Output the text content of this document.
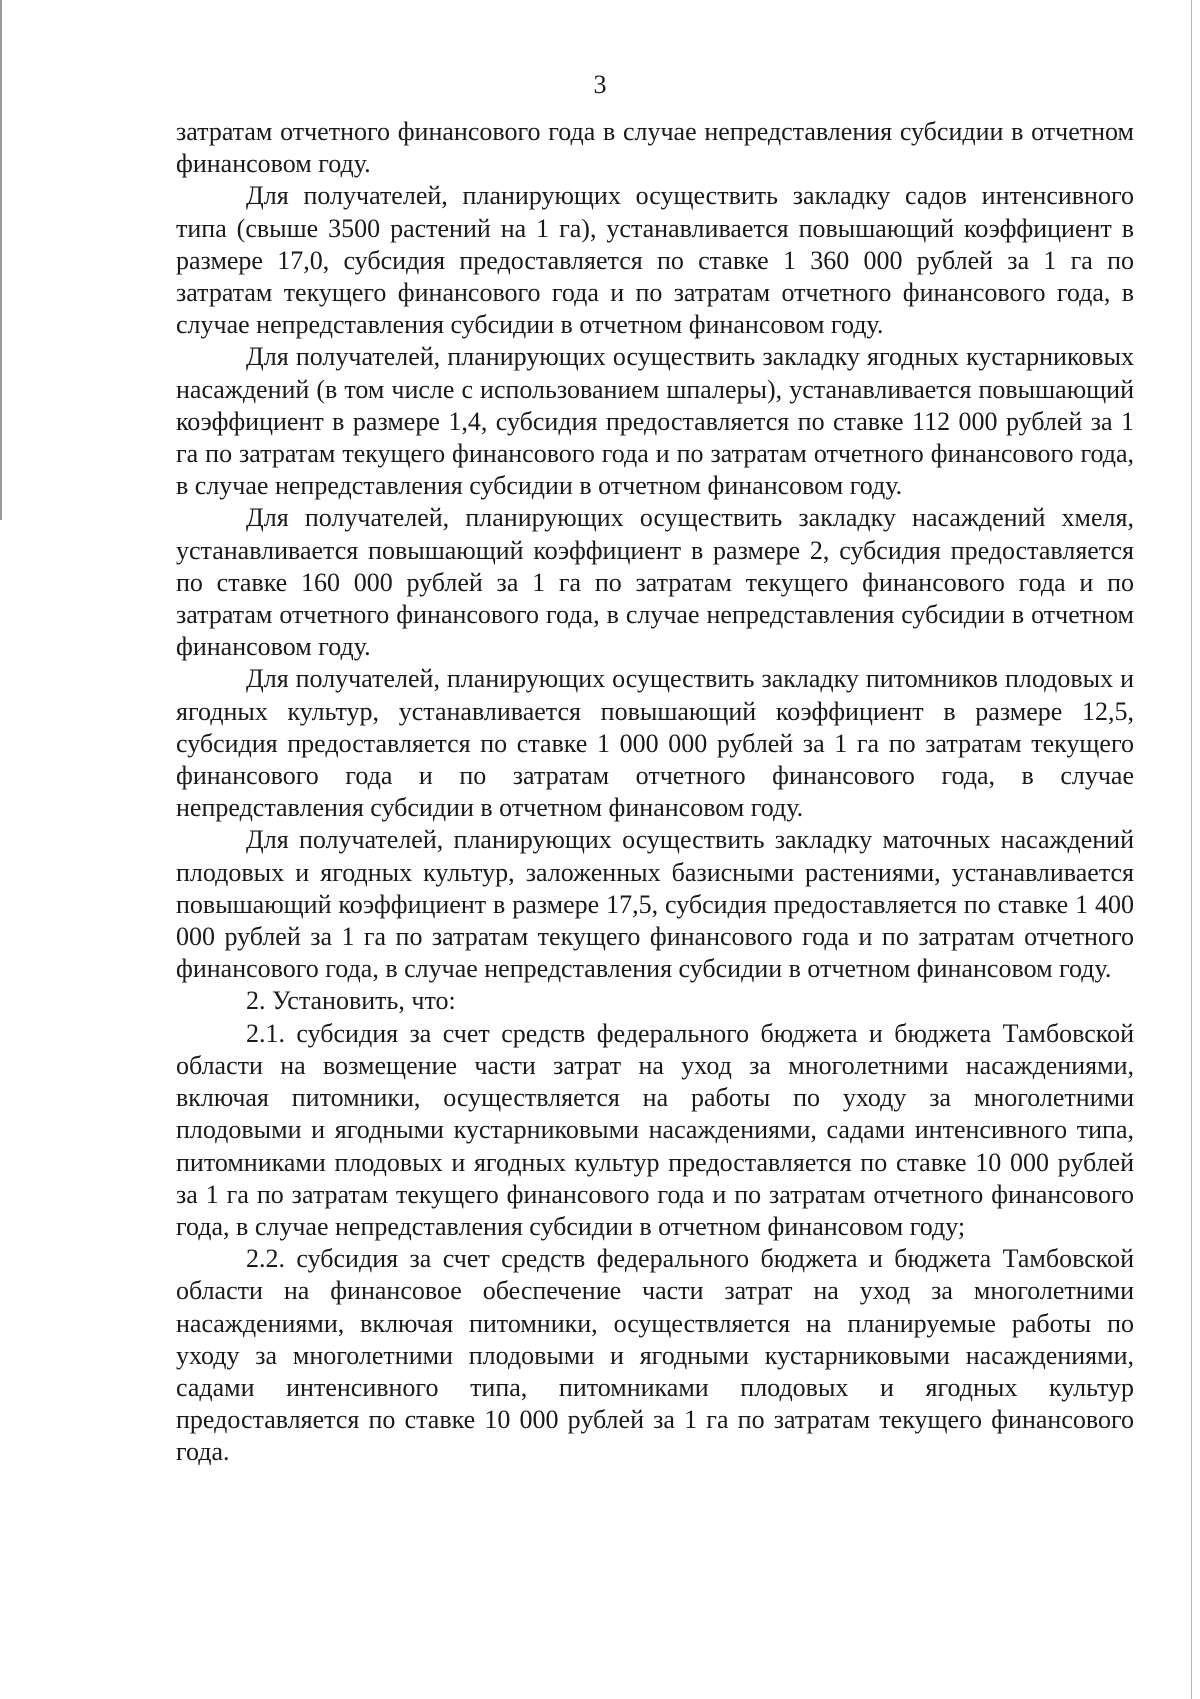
3

затратам отчетного финансового года в случае непредставления субсидии в отчетном финансовом году.

Для получателей, планирующих осуществить закладку садов интенсивного типа (свыше 3500 растений на 1 га), устанавливается повышающий коэффициент в размере 17,0, субсидия предоставляется по ставке 1 360 000 рублей за 1 га по затратам текущего финансового года и по затратам отчетного финансового года, в случае непредставления субсидии в отчетном финансовом году.

Для получателей, планирующих осуществить закладку ягодных кустарниковых насаждений (в том числе с использованием шпалеры), устанавливается повышающий коэффициент в размере 1,4, субсидия предоставляется по ставке 112 000 рублей за 1 га по затратам текущего финансового года и по затратам отчетного финансового года, в случае непредставления субсидии в отчетном финансовом году.

Для получателей, планирующих осуществить закладку насаждений хмеля, устанавливается повышающий коэффициент в размере 2, субсидия предоставляется по ставке 160 000 рублей за 1 га по затратам текущего финансового года и по затратам отчетного финансового года, в случае непредставления субсидии в отчетном финансовом году.

Для получателей, планирующих осуществить закладку питомников плодовых и ягодных культур, устанавливается повышающий коэффициент в размере 12,5, субсидия предоставляется по ставке 1 000 000 рублей за 1 га по затратам текущего финансового года и по затратам отчетного финансового года, в случае непредставления субсидии в отчетном финансовом году.

Для получателей, планирующих осуществить закладку маточных насаждений плодовых и ягодных культур, заложенных базисными растениями, устанавливается повышающий коэффициент в размере 17,5, субсидия предоставляется по ставке 1 400 000 рублей за 1 га по затратам текущего финансового года и по затратам отчетного финансового года, в случае непредставления субсидии в отчетном финансовом году.

2. Установить, что:

2.1. субсидия за счет средств федерального бюджета и бюджета Тамбовской области на возмещение части затрат на уход за многолетними насаждениями, включая питомники, осуществляется на работы по уходу за многолетними плодовыми и ягодными кустарниковыми насаждениями, садами интенсивного типа, питомниками плодовых и ягодных культур предоставляется по ставке 10 000 рублей за 1 га по затратам текущего финансового года и по затратам отчетного финансового года, в случае непредставления субсидии в отчетном финансовом году;

2.2. субсидия за счет средств федерального бюджета и бюджета Тамбовской области на финансовое обеспечение части затрат на уход за многолетними насаждениями, включая питомники, осуществляется на планируемые работы по уходу за многолетними плодовыми и ягодными кустарниковыми насаждениями, садами интенсивного типа, питомниками плодовых и ягодных культур предоставляется по ставке 10 000 рублей за 1 га по затратам текущего финансового года.
